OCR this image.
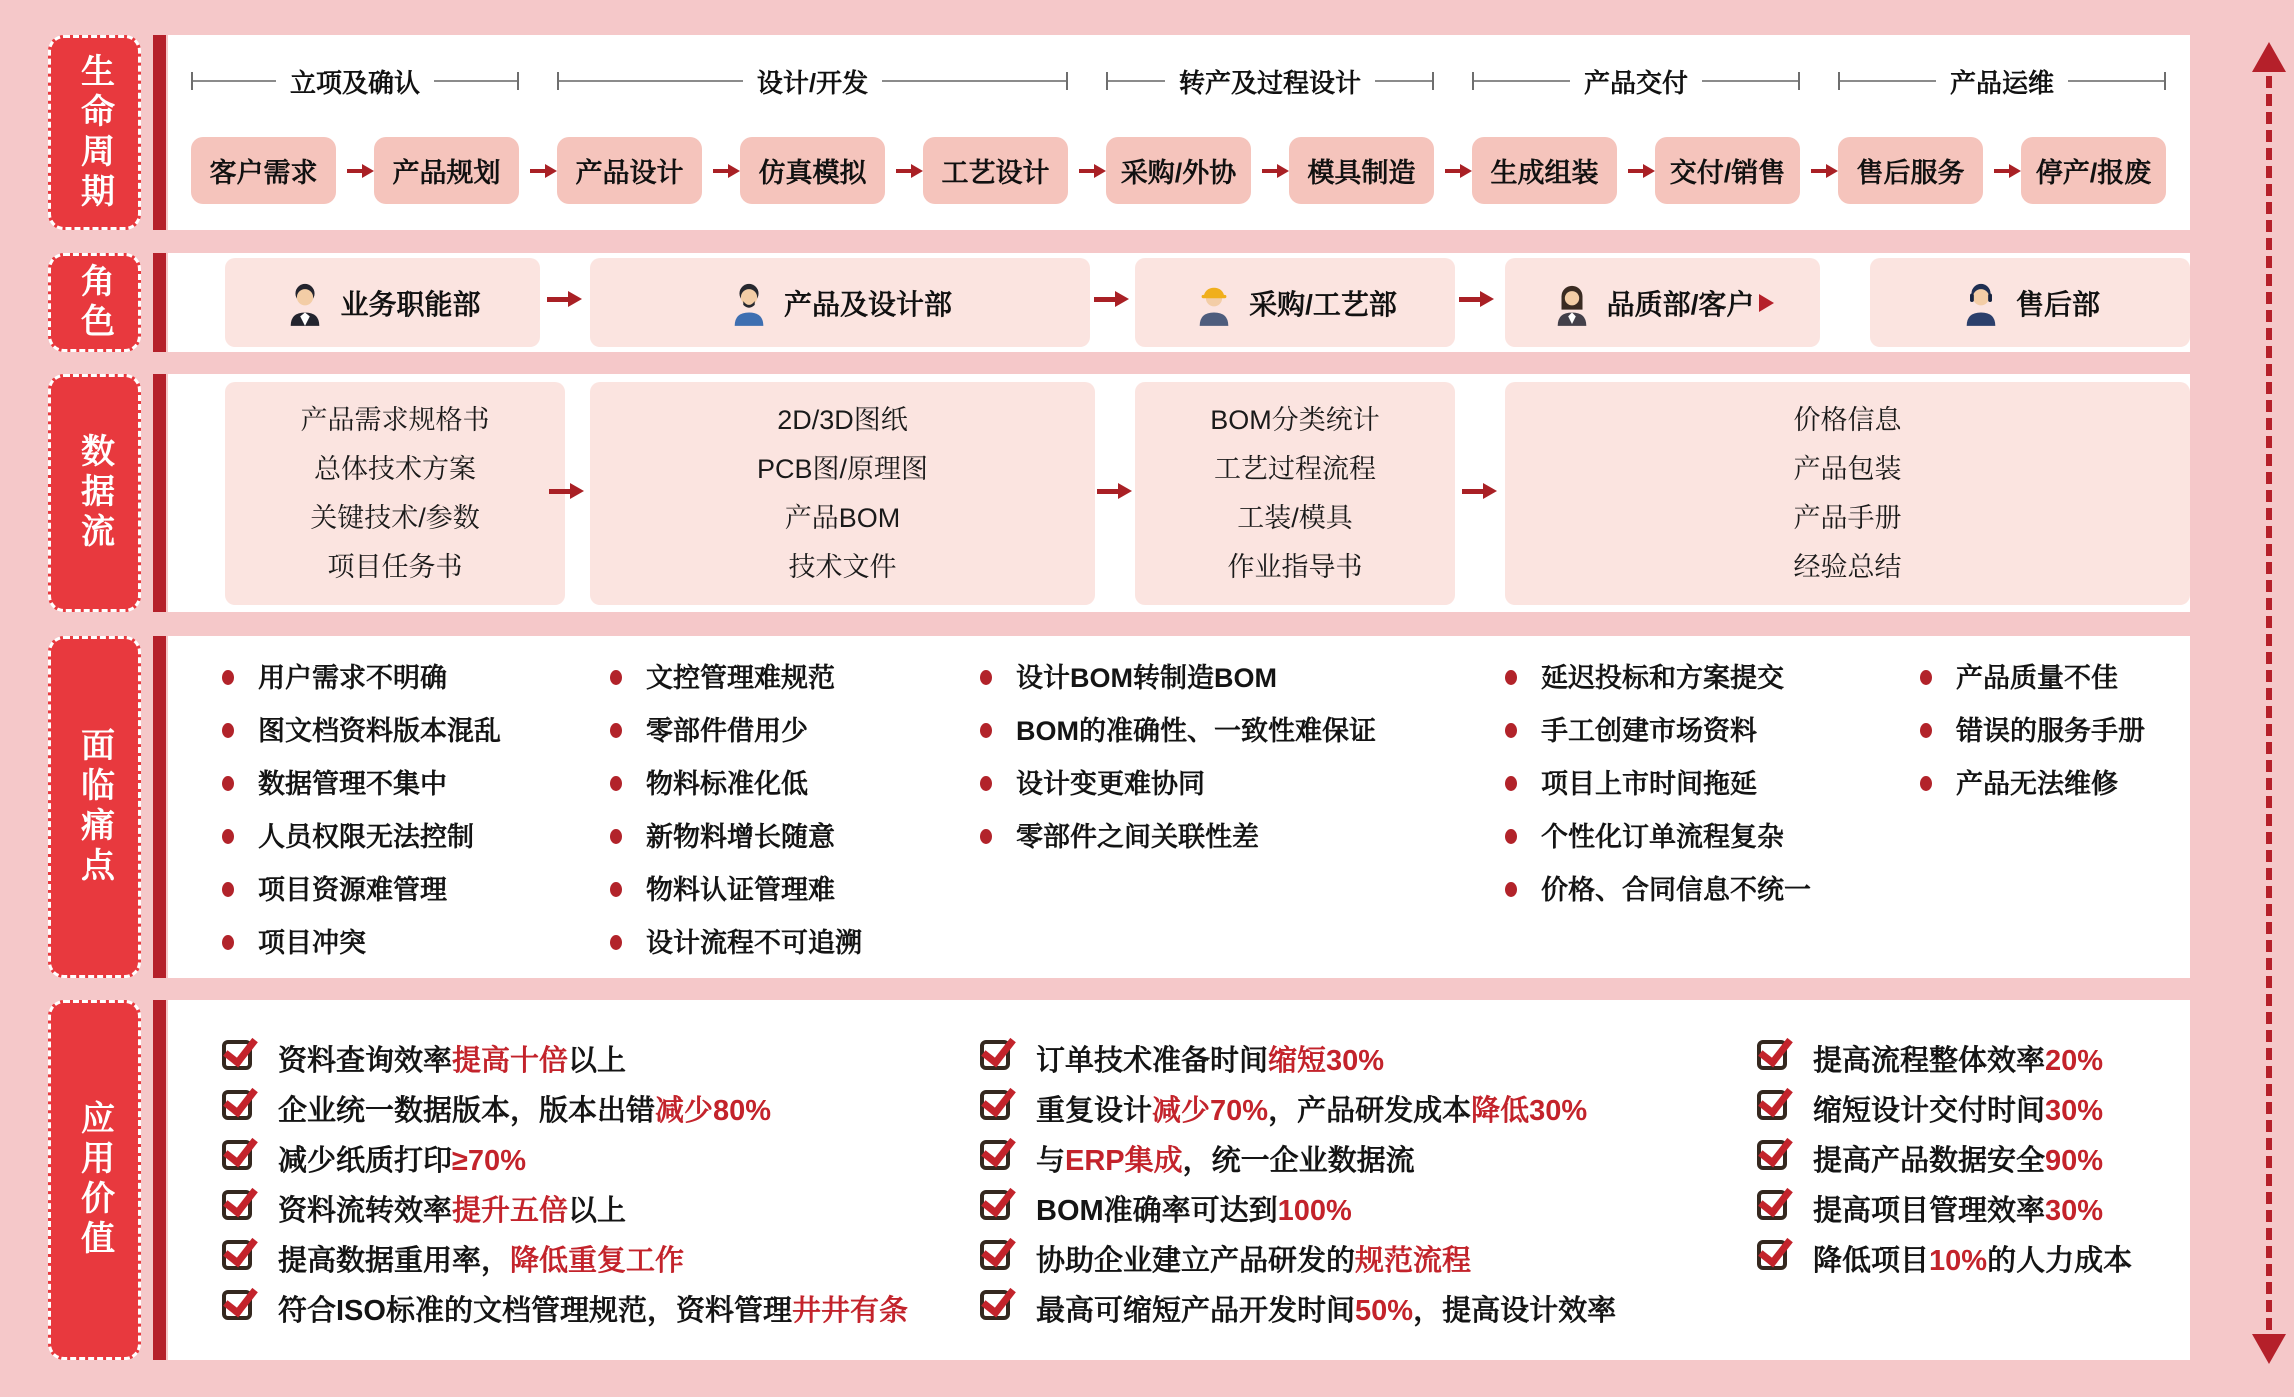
生命周期
角色
数据流
面临痛点
应用价值
立项及确认	设计/开发	转产及过程设计	产品交付	产品运维
客户需求	产品规划	产品设计	仿真模拟	工艺设计	采购/外协	模具制造	生成组装	交付/销售	售后服务	停产/报废
业务职能部	产品及设计部	采购/工艺部	品质部/客户	售后部
产品需求规格书
总体技术方案
关键技术/参数
项目任务书
2D/3D图纸
PCB图/原理图
产品BOM
技术文件
BOM分类统计
工艺过程流程
工装/模具
作业指导书
价格信息
产品包装
产品手册
经验总结
用户需求不明确
图文档资料版本混乱
数据管理不集中
人员权限无法控制
项目资源难管理
项目冲突
文控管理难规范
零部件借用少
物料标准化低
新物料增长随意
物料认证管理难
设计流程不可追溯
设计BOM转制造BOM
BOM的准确性、一致性难保证
设计变更难协同
零部件之间关联性差
延迟投标和方案提交
手工创建市场资料
项目上市时间拖延
个性化订单流程复杂
价格、合同信息不统一
产品质量不佳
错误的服务手册
产品无法维修
资料查询效率提高十倍以上
企业统一数据版本，版本出错减少80%
减少纸质打印≥70%
资料流转效率提升五倍以上
提高数据重用率，降低重复工作
符合ISO标准的文档管理规范，资料管理井井有条
订单技术准备时间缩短30%
重复设计减少70%，产品研发成本降低30%
与ERP集成，统一企业数据流
BOM准确率可达到100%
协助企业建立产品研发的规范流程
最高可缩短产品开发时间50%，提高设计效率
提高流程整体效率20%
缩短设计交付时间30%
提高产品数据安全90%
提高项目管理效率30%
降低项目10%的人力成本
